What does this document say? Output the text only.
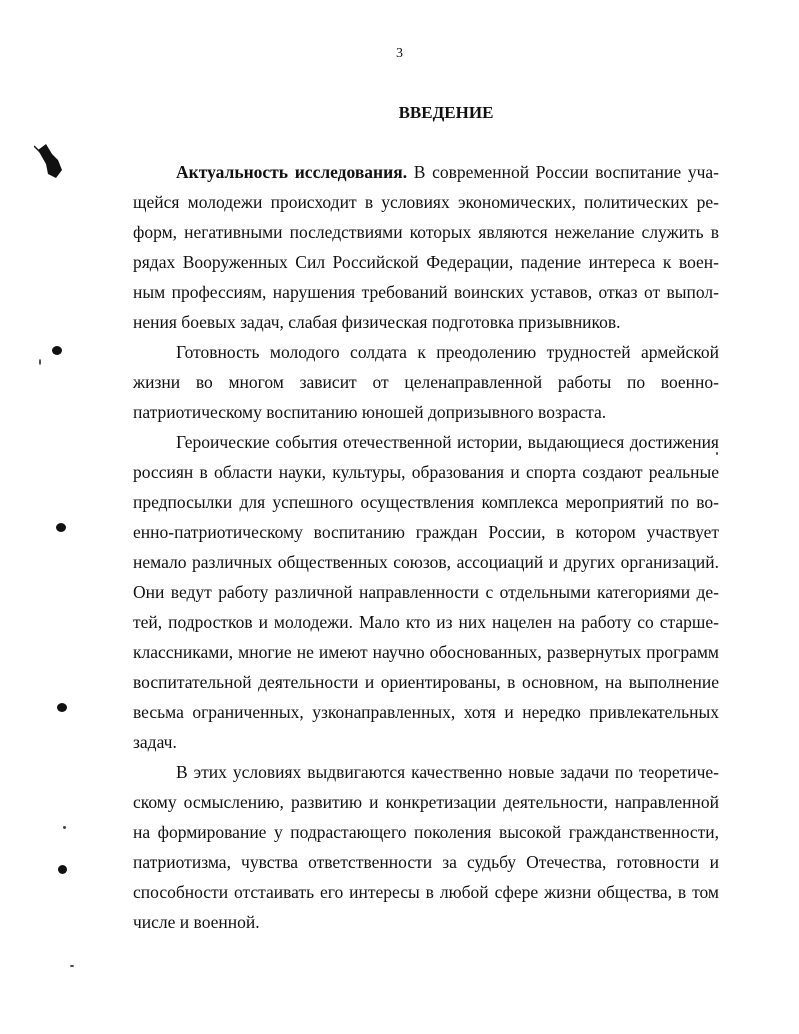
3
ВВЕДЕНИЕ
Актуальность исследования. В современной России воспитание уча-
щейся молодежи происходит в условиях экономических, политических ре-
форм, негативными последствиями которых являются нежелание служить в
рядах Вооруженных Сил Российской Федерации, падение интереса к воен-
ным профессиям, нарушения требований воинских уставов, отказ от выпол-
нения боевых задач, слабая физическая подготовка призывников.
Готовность молодого солдата к преодолению трудностей армейской
жизни во многом зависит от целенаправленной работы по военно-
патриотическому воспитанию юношей допризывного возраста.
Героические события отечественной истории, выдающиеся достижения
россиян в области науки, культуры, образования и спорта создают реальные
предпосылки для успешного осуществления комплекса мероприятий по во-
енно-патриотическому воспитанию граждан России, в котором участвует
немало различных общественных союзов, ассоциаций и других организаций.
Они ведут работу различной направленности с отдельными категориями де-
тей, подростков и молодежи. Мало кто из них нацелен на работу со старше-
классниками, многие не имеют научно обоснованных, развернутых программ
воспитательной деятельности и ориентированы, в основном, на выполнение
весьма ограниченных, узконаправленных, хотя и нередко привлекательных
задач.
В этих условиях выдвигаются качественно новые задачи по теоретиче-
скому осмыслению, развитию и конкретизации деятельности, направленной
на формирование у подрастающего поколения высокой гражданственности,
патриотизма, чувства ответственности за судьбу Отечества, готовности и
способности отстаивать его интересы в любой сфере жизни общества, в том
числе и военной.
